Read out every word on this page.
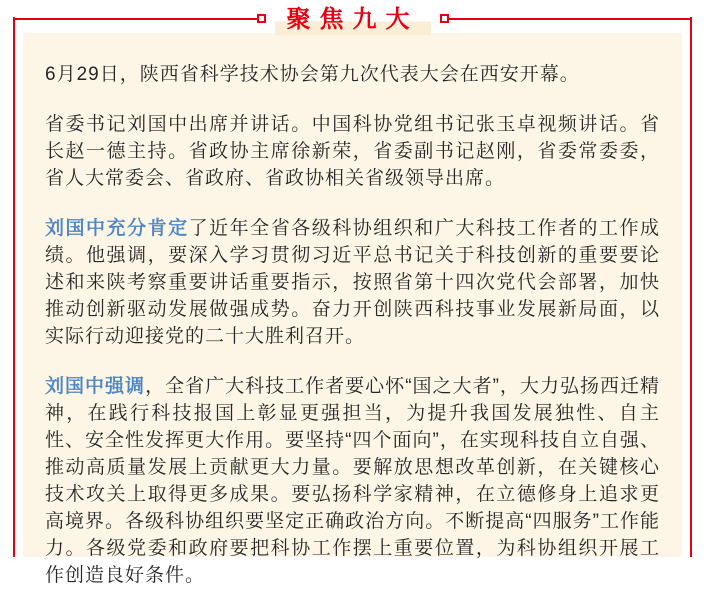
聚焦九大

6月29日，陕西省科学技术协会第九次代表大会在西安开幕。

省委书记刘国中出席并讲话。中国科协党组书记张玉卓视频讲话。省长赵一德主持。省政协主席徐新荣，省委副书记赵刚，省委常委委，省人大常委会、省政府、省政协相关省级领导出席。

刘国中充分肯定了近年全省各级科协组织和广大科技工作者的工作成绩。他强调，要深入学习贯彻习近平总书记关于科技创新的重要要论述和来陕考察重要讲话重要指示，按照省第十四次党代会部署，加快推动创新驱动发展做强成势。奋力开创陕西科技事业发展新局面，以实际行动迎接党的二十大胜利召开。

刘国中强调，全省广大科技工作者要心怀“国之大者”，大力弘扬西迁精神，在践行科技报国上彰显更强担当，为提升我国发展独性、自主性、安全性发挥更大作用。要坚持“四个面向”，在实现科技自立自强、推动高质量发展上贡献更大力量。要解放思想改革创新，在关键核心技术攻关上取得更多成果。要弘扬科学家精神，在立德修身上追求更高境界。各级科协组织要坚定正确政治方向。不断提高“四服务”工作能力。各级党委和政府要把科协工作摆上重要位置，为科协组织开展工作创造良好条件。
